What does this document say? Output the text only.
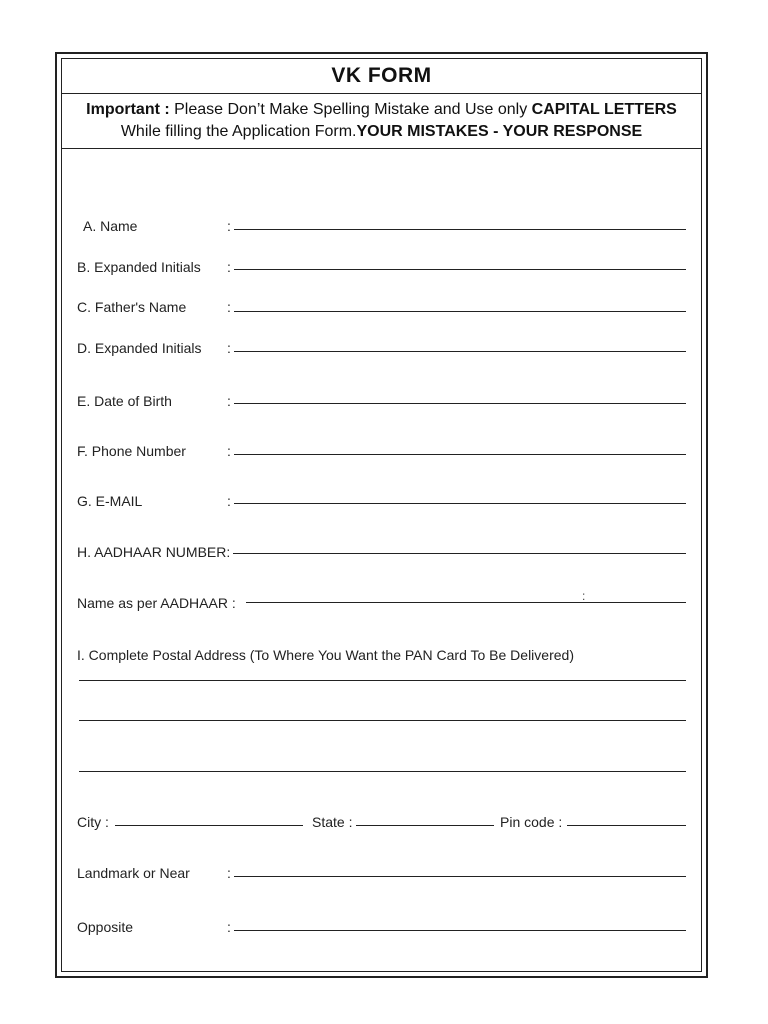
VK FORM
Important : Please Don’t Make Spelling Mistake and Use only CAPITAL LETTERS
While filling the Application Form.YOUR MISTAKES - YOUR RESPONSE
A. Name	:
B. Expanded Initials :
C. Father's Name	:
D. Expanded Initials :
E. Date of Birth	:
F. Phone Number	:
G. E-MAIL	:
H. AADHAAR NUMBER:
Name as per AADHAAR :	:
I. Complete Postal Address (To Where You Want the PAN Card To Be Delivered)
City :	State :	Pin code :
Landmark or Near	:
Opposite	:
